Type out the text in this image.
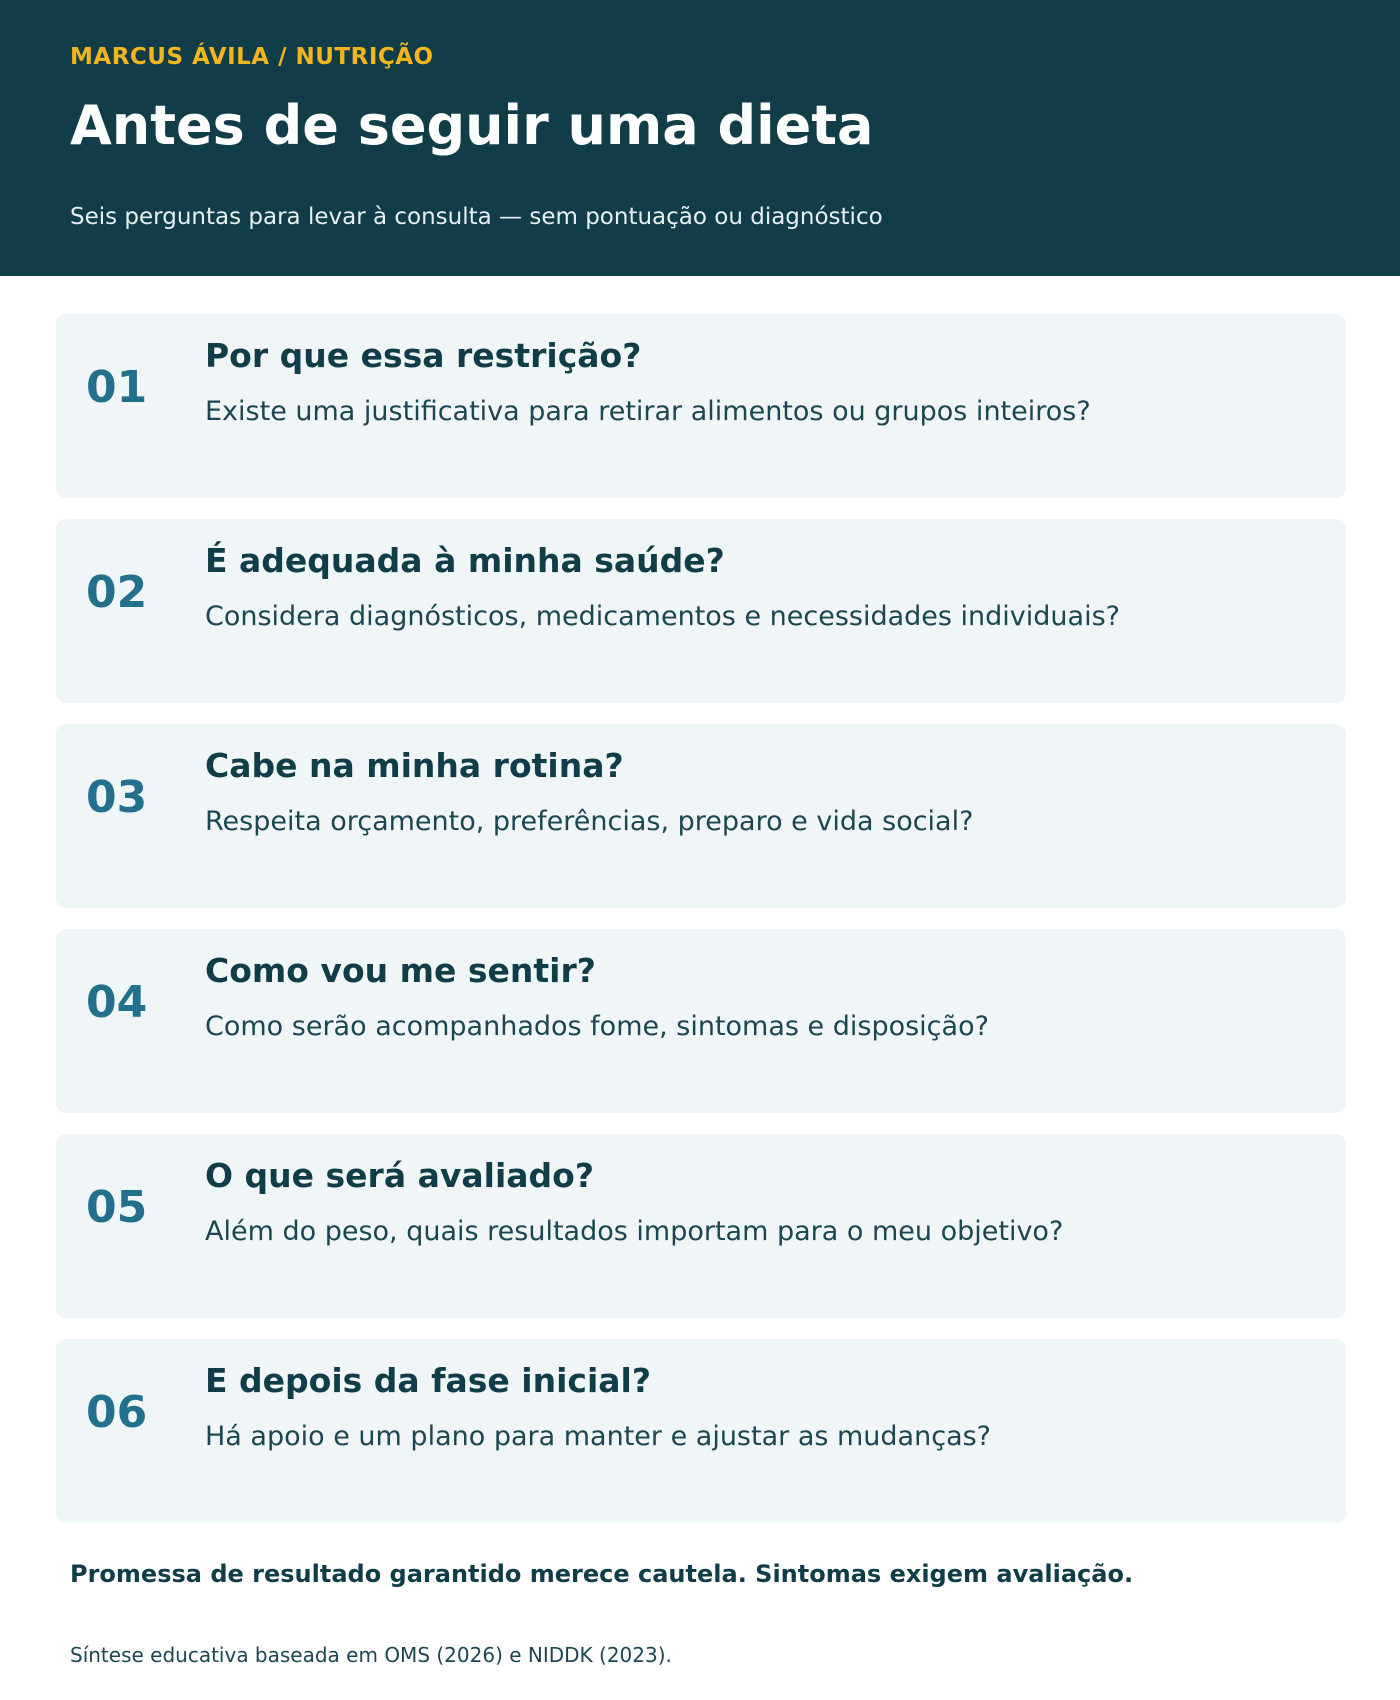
MARCUS ÁVILA / NUTRIÇÃO
Antes de seguir uma dieta
Seis perguntas para levar à consulta — sem pontuação ou diagnóstico
01
Por que essa restrição?
Existe uma justificativa para retirar alimentos ou grupos inteiros?
02
É adequada à minha saúde?
Considera diagnósticos, medicamentos e necessidades individuais?
03
Cabe na minha rotina?
Respeita orçamento, preferências, preparo e vida social?
04
Como vou me sentir?
Como serão acompanhados fome, sintomas e disposição?
05
O que será avaliado?
Além do peso, quais resultados importam para o meu objetivo?
06
E depois da fase inicial?
Há apoio e um plano para manter e ajustar as mudanças?
Promessa de resultado garantido merece cautela. Sintomas exigem avaliação.
Síntese educativa baseada em OMS (2026) e NIDDK (2023).
